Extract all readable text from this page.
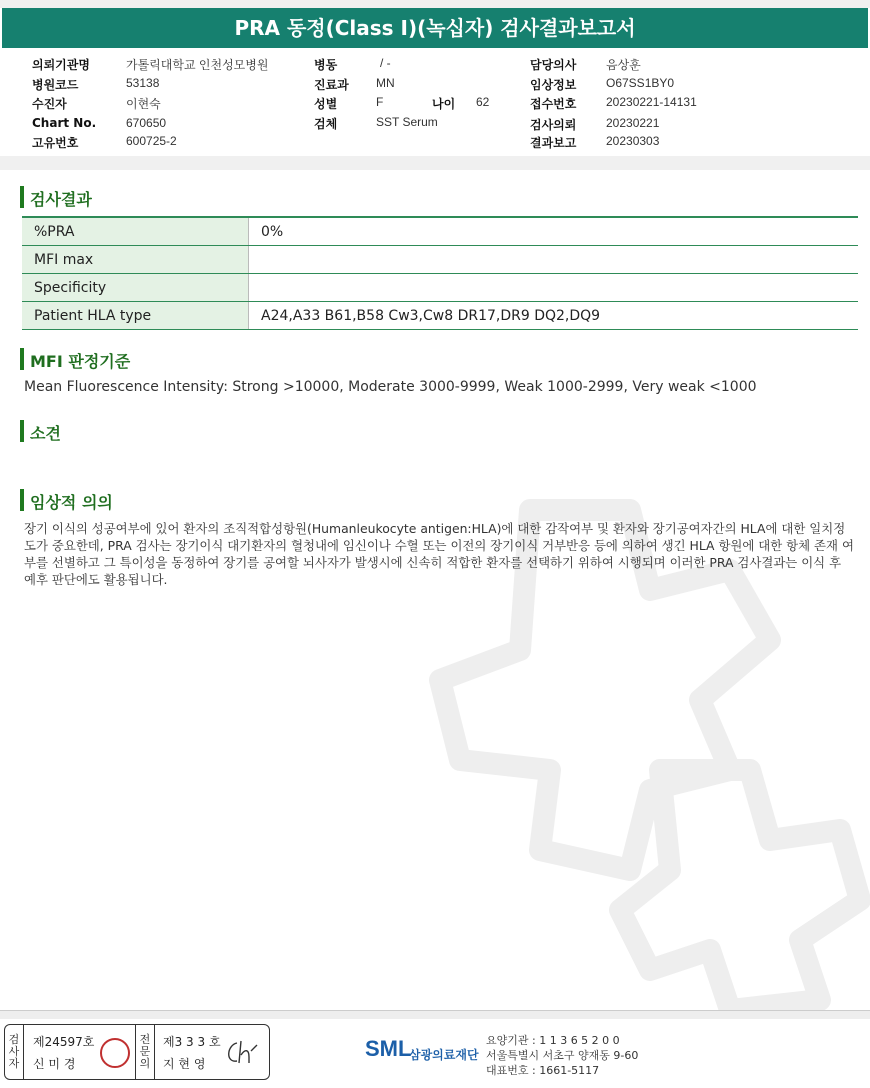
PRA 동정(Class I)(녹십자) 검사결과보고서
의뢰기관명	가톨릭대학교 인천성모병원
병원코드	53138
수진자	이현숙
Chart No. 670650
고유번호	600725-2
병동	/ -
진료과 MN
성별	F	나이 62
검체	SST Serum
담당의사 음상훈
임상정보 O67SS1BY0
접수번호 20230221-14131
검사의뢰 20230221
결과보고 20230303
검사결과
%PRA	0%
MFI max	
Specificity	
Patient HLA type	A24,A33 B61,B58 Cw3,Cw8 DR17,DR9 DQ2,DQ9
MFI 판정기준
Mean Fluorescence Intensity: Strong >10000, Moderate 3000-9999, Weak 1000-2999, Very weak <1000
소견
임상적 의의
장기 이식의 성공여부에 있어 환자의 조직적합성항원(Humanleukocyte antigen:HLA)에 대한 감작여부 및 환자와 장기공여자간의 HLA에 대한 일치정도가 중요한데, PRA 검사는 장기이식 대기환자의 혈청내에 임신이나 수혈 또는 이전의 장기이식 거부반응 등에 의하여 생긴 HLA 항원에 대한 항체 존재 여부를 선별하고 그 특이성을 동정하여 장기를 공여할 뇌사자가 발생시에 신속히 적합한 환자를 선택하기 위하여 시행되며 이러한 PRA 검사결과는 이식 후 예후 판단에도 활용됩니다.
검
사
자
제24597호
신 미 경
전
문
의
제3 3 3 호
지 현 영
SML
삼광의료재단
요양기관 : 1 1 3 6 5 2 0 0
서울특별시 서초구 양재동 9-60
대표번호 : 1661-5117
